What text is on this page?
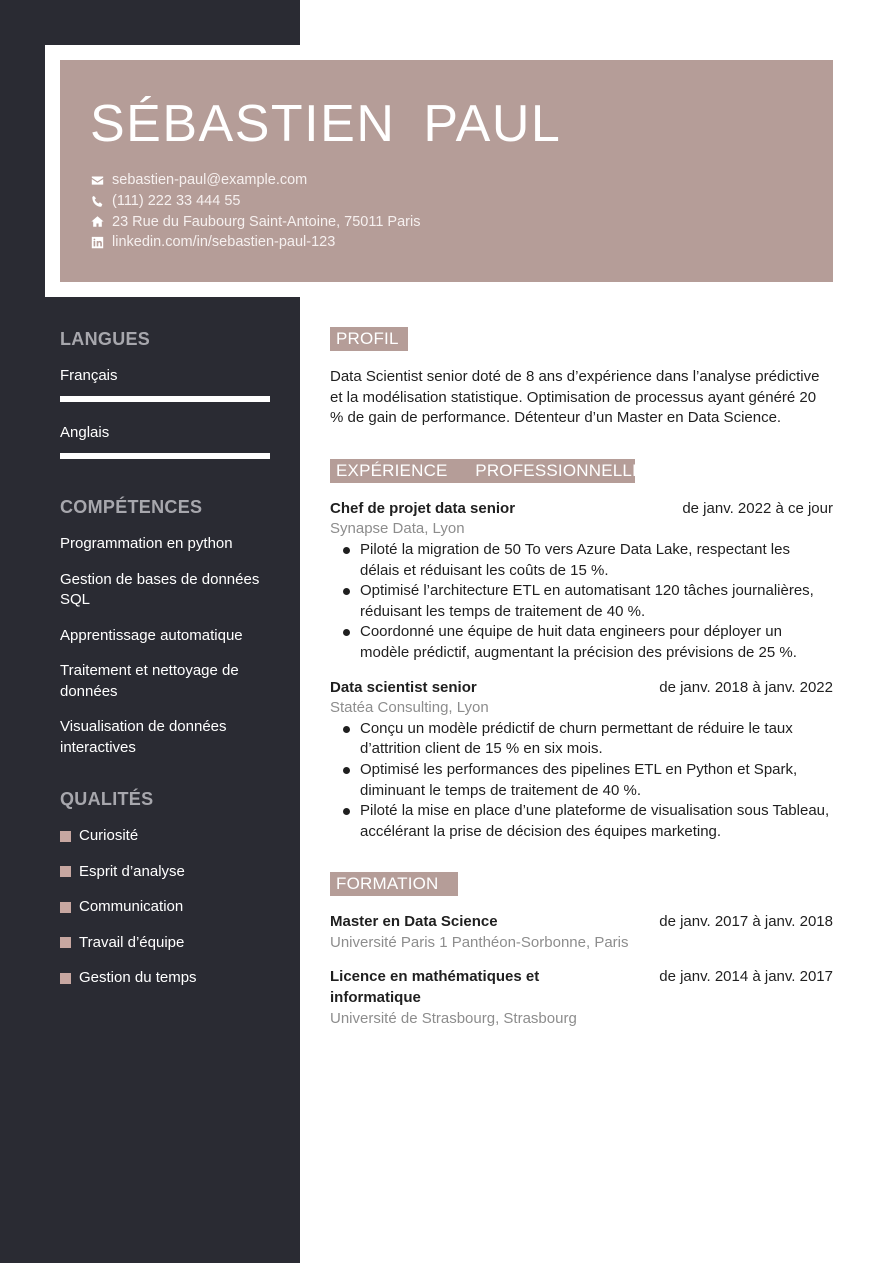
SÉBASTIEN PAUL
sebastien-paul@example.com
(111) 222 33 444 55
23 Rue du Faubourg Saint-Antoine, 75011 Paris
linkedin.com/in/sebastien-paul-123
LANGUES
Français
Anglais
COMPÉTENCES
Programmation en python
Gestion de bases de données SQL
Apprentissage automatique
Traitement et nettoyage de données
Visualisation de données interactives
QUALITÉS
Curiosité
Esprit d’analyse
Communication
Travail d’équipe
Gestion du temps
PROFIL
Data Scientist senior doté de 8 ans d’expérience dans l’analyse prédictive et la modélisation statistique. Optimisation de processus ayant généré 20 % de gain de performance. Détenteur d’un Master en Data Science.
EXPÉRIENCE    PROFESSIONNELLE
Chef de projet data senior	de janv. 2022 à ce jour
Synapse Data, Lyon
Piloté la migration de 50 To vers Azure Data Lake, respectant les délais et réduisant les coûts de 15 %.
Optimisé l’architecture ETL en automatisant 120 tâches journalières, réduisant les temps de traitement de 40 %.
Coordonné une équipe de huit data engineers pour déployer un modèle prédictif, augmentant la précision des prévisions de 25 %.
Data scientist senior	de janv. 2018 à janv. 2022
Statéa Consulting, Lyon
Conçu un modèle prédictif de churn permettant de réduire le taux d’attrition client de 15 % en six mois.
Optimisé les performances des pipelines ETL en Python et Spark, diminuant le temps de traitement de 40 %.
Piloté la mise en place d’une plateforme de visualisation sous Tableau, accélérant la prise de décision des équipes marketing.
FORMATION
Master en Data Science	de janv. 2017 à janv. 2018
Université Paris 1 Panthéon-Sorbonne, Paris
Licence en mathématiques et informatique
de janv. 2014 à janv. 2017
Université de Strasbourg, Strasbourg
